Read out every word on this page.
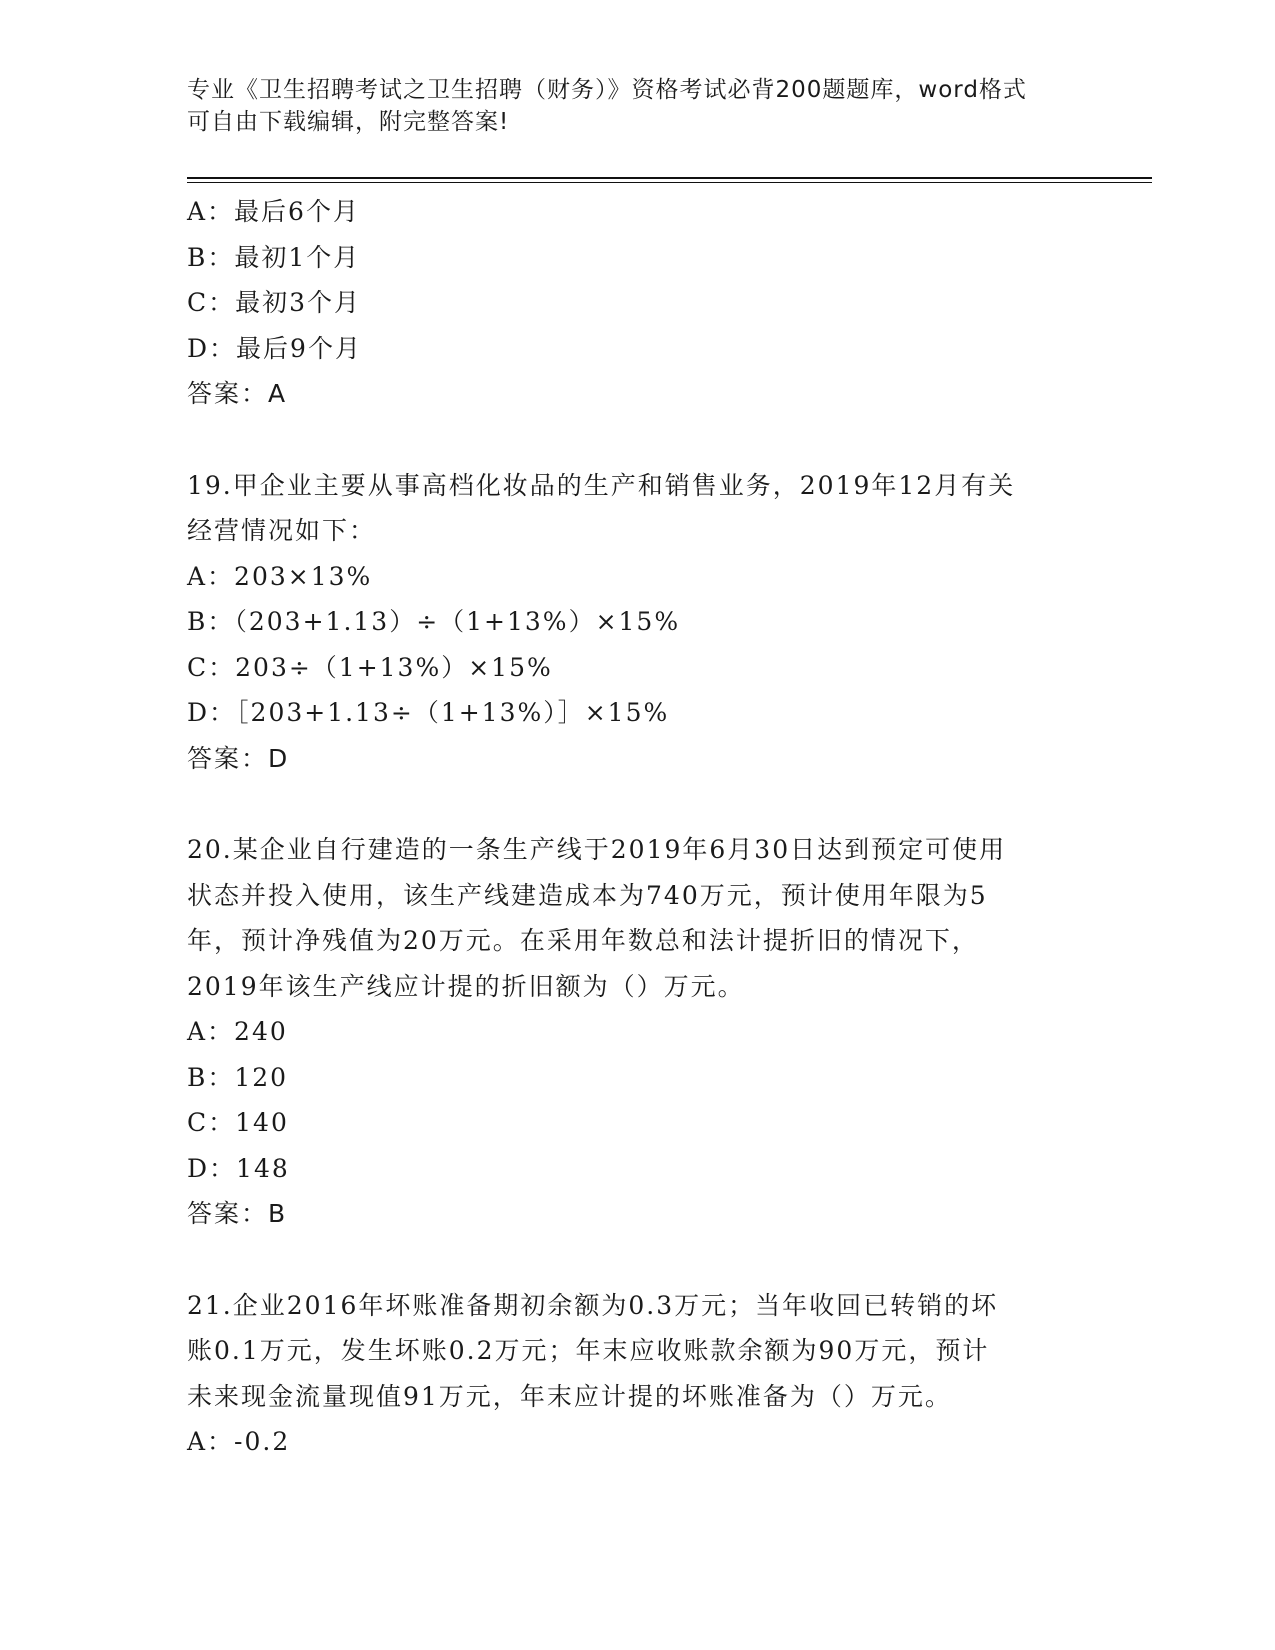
专业《卫生招聘考试之卫生招聘（财务）》资格考试必背200题题库，word格式
可自由下载编辑，附完整答案!
A：最后6个月
B：最初1个月
C：最初3个月
D：最后9个月
答案：A
19.甲企业主要从事高档化妆品的生产和销售业务，2019年12月有关
经营情况如下：
A：203×13%
B：（203+1.13）÷（1+13%）×15%
C：203÷（1+13%）×15%
D：［203+1.13÷（1+13%）］×15%
答案：D
20.某企业自行建造的一条生产线于2019年6月30日达到预定可使用
状态并投入使用，该生产线建造成本为740万元，预计使用年限为5
年，预计净残值为20万元。在采用年数总和法计提折旧的情况下，
2019年该生产线应计提的折旧额为（）万元。
A：240
B：120
C：140
D：148
答案：B
21.企业2016年坏账准备期初余额为0.3万元；当年收回已转销的坏
账0.1万元，发生坏账0.2万元；年末应收账款余额为90万元，预计
未来现金流量现值91万元，年末应计提的坏账准备为（）万元。
A：-0.2
